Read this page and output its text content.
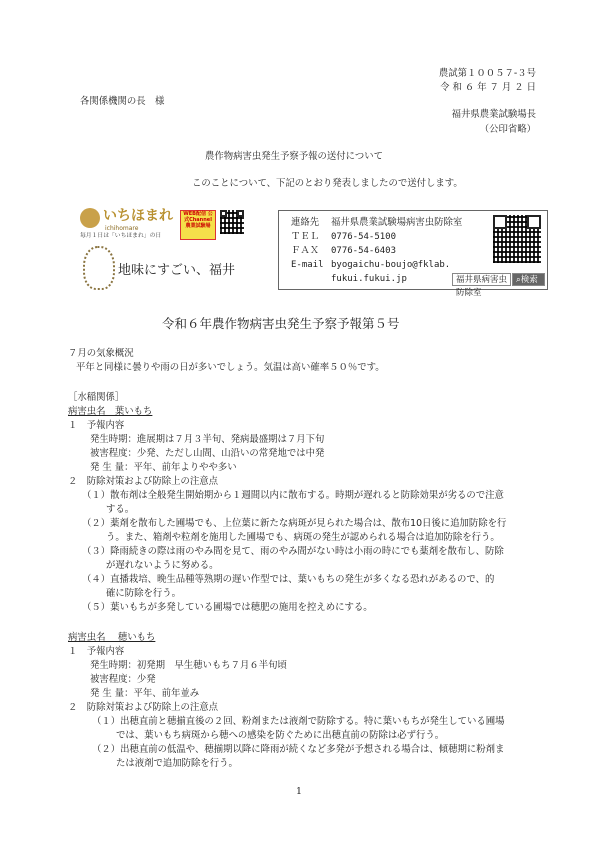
農試第１００５７-３号
令 和 ６ 年 ７ 月 ２ 日
各関係機関の長　様
福井県農業試験場長
（公印省略）
農作物病害虫発生予察予報の送付について
このことについて、下記のとおり発表しましたので送付します。
いちほまれ
ichihomare
毎月１日は「いちほまれ」の日
WEB配信 公式Channel 農業試験場
地味にすごい、福井
連絡先 福井県農業試験場病害虫防除室
ＴＥＬ 0776-54-5100
ＦＡＸ 0776-54-6403
E-mail byogaichu-boujo@fklab.
fukui.fukui.jp	福井県病害虫防除室
⌕検索
令和６年農作物病害虫発生予察予報第５号
７月の気象概況
平年と同様に曇りや雨の日が多いでしょう。気温は高い確率５０％です。
［水稲関係］
病害虫名　葉いもち
１　予報内容
発生時期：進展期は７月３半旬、発病最盛期は７月下旬
被害程度：少発、ただし山間、山沿いの常発地では中発
発 生 量：平年、前年よりやや多い
２　防除対策および防除上の注意点
（１）散布剤は全般発生開始期から１週間以内に散布する。時期が遅れると防除効果が劣るので注意
する。
（２）薬剤を散布した圃場でも、上位葉に新たな病斑が見られた場合は、散布10日後に追加防除を行
う。また、箱剤や粒剤を施用した圃場でも、病斑の発生が認められる場合は追加防除を行う。
（３）降雨続きの際は雨のやみ間を見て、雨のやみ間がない時は小雨の時にでも薬剤を散布し、防除
が遅れないように努める。
（４）直播栽培、晩生品種等熟期の遅い作型では、葉いもちの発生が多くなる恐れがあるので、的
確に防除を行う。
（５）葉いもちが多発している圃場では穂肥の施用を控えめにする。
病害虫名　 穂いもち
１　予報内容
発生時期：初発期　早生穂いもち７月６半旬頃
被害程度：少発
発 生 量：平年、前年並み
２　防除対策および防除上の注意点
（１）出穂直前と穂揃直後の２回、粉剤または液剤で防除する。特に葉いもちが発生している圃場
では、葉いもち病斑から穂への感染を防ぐために出穂直前の防除は必ず行う。
（２）出穂直前の低温や、穂揃期以降に降雨が続くなど多発が予想される場合は、傾穂期に粉剤ま
たは液剤で追加防除を行う。
1
